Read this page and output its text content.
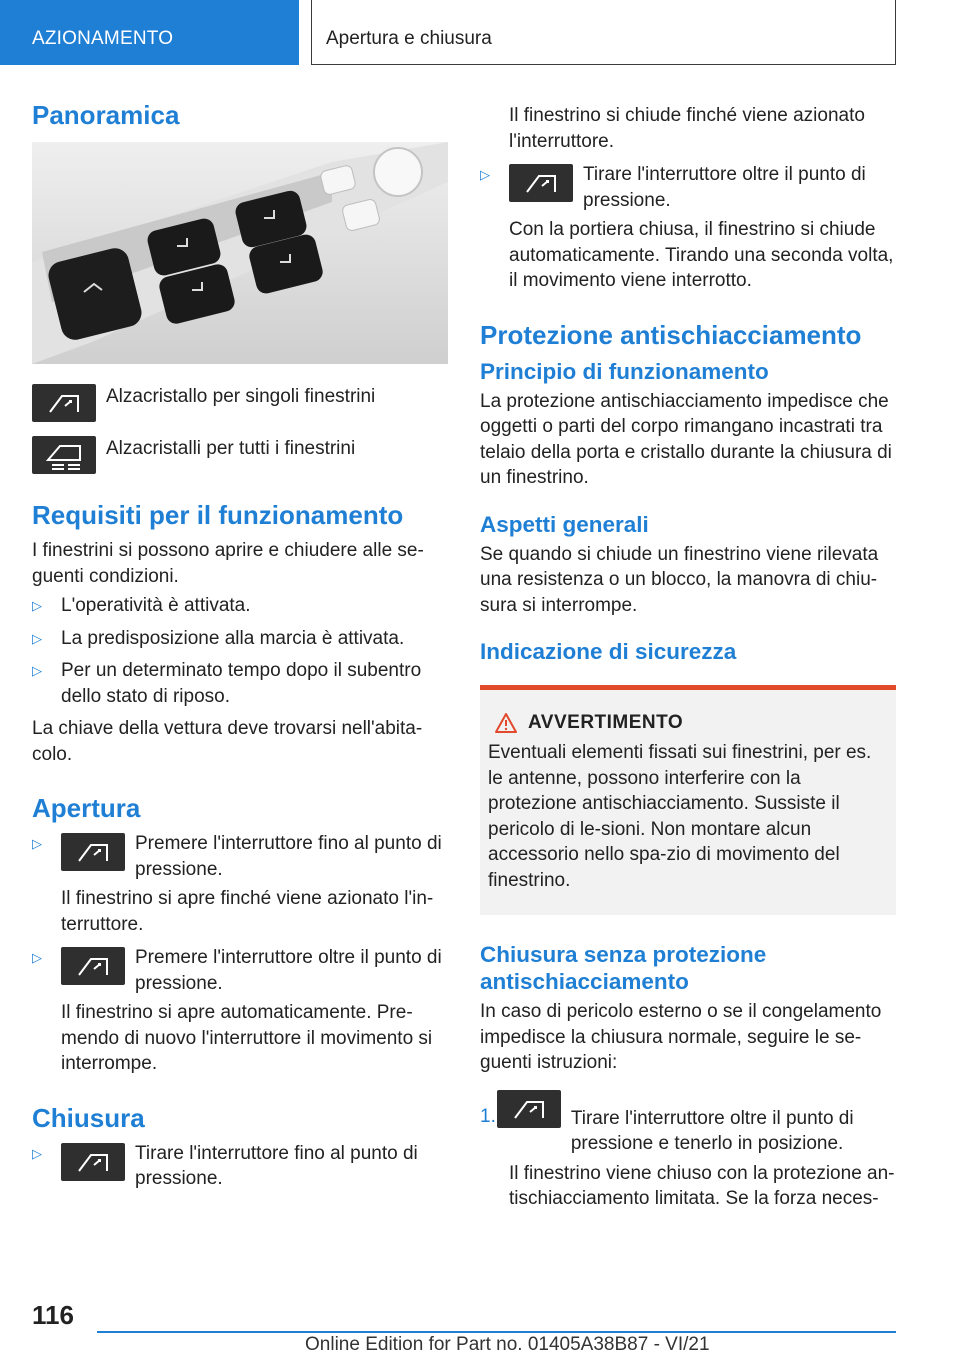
AZIONAMENTO	Apertura e chiusura
Panoramica
Alzacristallo per singoli finestrini
Alzacristalli per tutti i finestrini
Requisiti per il funzionamento

I finestrini si possono aprire e chiudere alle se-guenti condizioni.

▷	L'operatività è attivata.
▷	La predisposizione alla marcia è attivata.
▷	Per un determinato tempo dopo il subentro dello stato di riposo.

La chiave della vettura deve trovarsi nell'abita-colo.

Apertura
▷	Premere l'interruttore fino al punto di pressione.

Il finestrino si apre finché viene azionato l'in-terruttore.

▷	Premere l'interruttore oltre il punto di pressione.

Il finestrino si apre automaticamente. Pre-mendo di nuovo l'interruttore il movimento si interrompe.

Chiusura
▷	Tirare l'interruttore fino al punto di pressione.

Il finestrino si chiude finché viene azionato l'interruttore.

▷	Tirare l'interruttore oltre il punto di pressione.

Con la portiera chiusa, il finestrino si chiude automaticamente. Tirando una seconda volta, il movimento viene interrotto.

Protezione antischiacciamento
Principio di funzionamento

La protezione antischiacciamento impedisce che oggetti o parti del corpo rimangano incastrati tra telaio della porta e cristallo durante la chiusura di un finestrino.

Aspetti generali

Se quando si chiude un finestrino viene rilevata una resistenza o un blocco, la manovra di chiu-sura si interrompe.

Indicazione di sicurezza
AVVERTIMENTO

Eventuali elementi fissati sui finestrini, per es. le antenne, possono interferire con la protezione antischiacciamento. Sussiste il pericolo di le-sioni. Non montare alcun accessorio nello spa-zio di movimento del finestrino.

Chiusura senza protezione antischiacciamento

In caso di pericolo esterno o se il congelamento impedisce la chiusura normale, seguire le se-guenti istruzioni:

1.	Tirare l'interruttore oltre il punto di pressione e tenerlo in posizione.

Il finestrino viene chiuso con la protezione an-tischiacciamento limitata. Se la forza neces-

116
Online Edition for Part no. 01405A38B87 - VI/21
